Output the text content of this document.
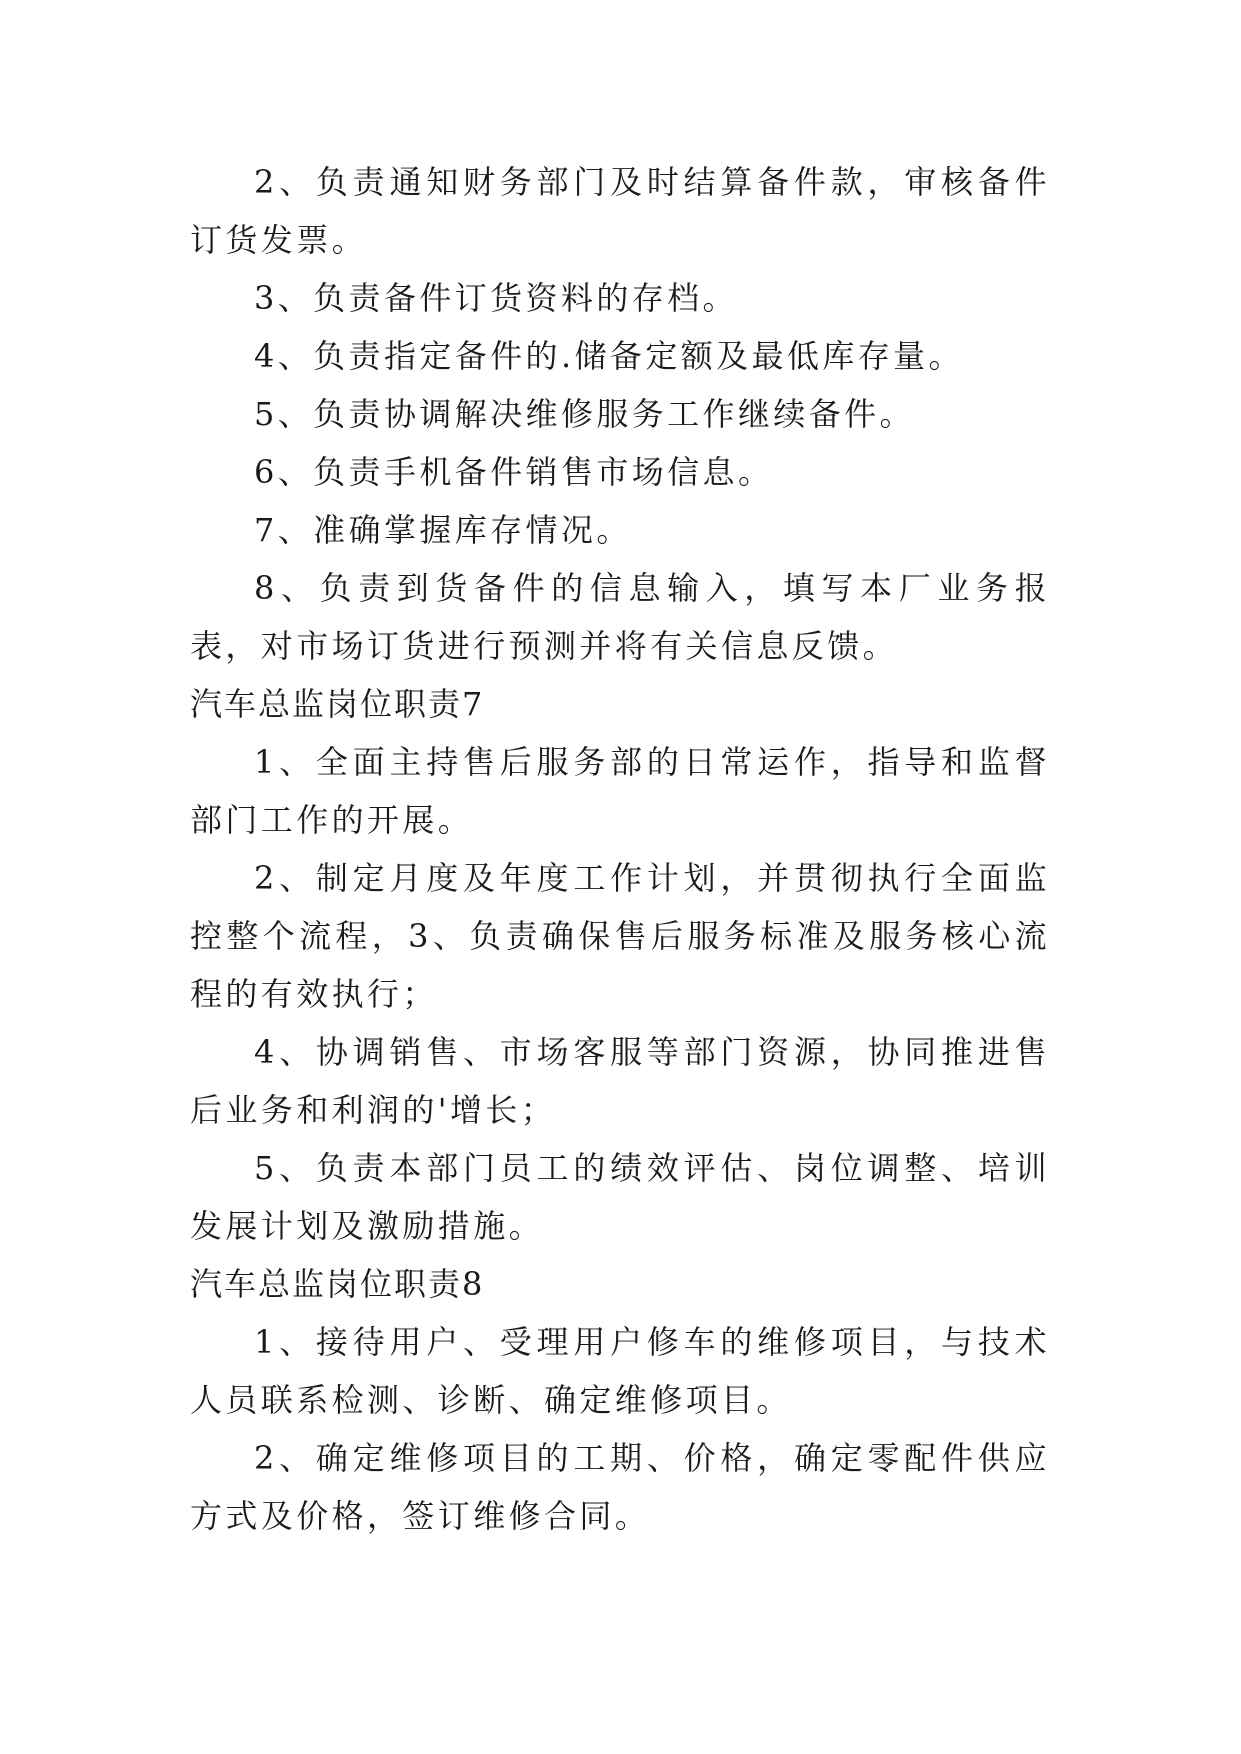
2、负责通知财务部门及时结算备件款，审核备件订货发票。

3、负责备件订货资料的存档。

4、负责指定备件的.储备定额及最低库存量。

5、负责协调解决维修服务工作继续备件。

6、负责手机备件销售市场信息。

7、准确掌握库存情况。

8、负责到货备件的信息输入，填写本厂业务报表，对市场订货进行预测并将有关信息反馈。

汽车总监岗位职责7

1、全面主持售后服务部的日常运作，指导和监督部门工作的开展。

2、制定月度及年度工作计划，并贯彻执行全面监控整个流程，3、负责确保售后服务标准及服务核心流程的有效执行；

4、协调销售、市场客服等部门资源，协同推进售后业务和利润的'增长；

5、负责本部门员工的绩效评估、岗位调整、培训发展计划及激励措施。

汽车总监岗位职责8

1、接待用户、受理用户修车的维修项目，与技术人员联系检测、诊断、确定维修项目。

2、确定维修项目的工期、价格，确定零配件供应方式及价格，签订维修合同。
